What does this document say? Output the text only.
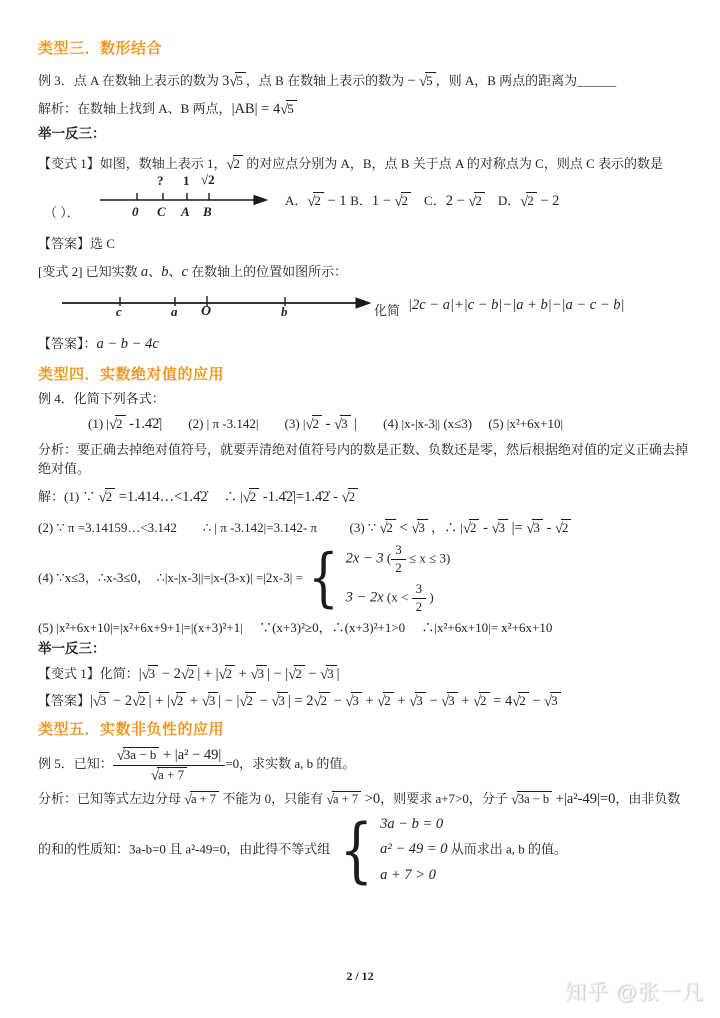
类型三．数形结合
例 3．点 A 在数轴上表示的数为 3√5 ，点 B 在数轴上表示的数为 − √5 ，则 A，B 两点的距离为______
解析：在数轴上找到 A、B 两点，|AB| = 4√5
举一反三：
【变式 1】如图，数轴上表示 1，√2 的对应点分别为 A，B，点 B 关于点 A 的对称点为 C，则点 C 表示的数是
（ ）．
? 1 √2
0 C A B
A．√2 − 1 B．1 − √2　C．2 − √2　D．√2 − 2
【答案】选 C
[变式 2] 已知实数 a、b、c 在数轴上的位置如图所示：
c	a O	b	化简 |2c − a|+|c − b|−|a + b|−|a − c − b|
【答案】：a − b − 4c
类型四．实数绝对值的应用
例 4．化简下列各式：
(1) |√2 -1.4̇2̇|　　(2) | π -3.142|　　(3) |√2 - √3 |　　(4) |x-|x-3|| (x≤3)　 (5) |x²+6x+10|
分析：要正确去掉绝对值符号，就要弄清绝对值符号内的数是正数、负数还是零，然后根据绝对值的定义正确去掉
绝对值。
解：(1) ∵ √2 =1.414…<1.4̇2̇　 ∴ |√2 -1.4̇2̇|=1.4̇2̇ - √2
(2) ∵ π =3.14159…<3.142　　∴ | π -3.142|=3.142- π 　　 (3) ∵ √2 < √3 ，∴ |√2 - √3 |= √3 - √2
(4) ∵x≤3，∴x-3≤0，　∴|x-|x-3||=|x-(3-x)| =|2x-3| = { 2x − 3 ( $\frac{3}{2} \le x \le 3$)
3 − 2x ($x < \frac{3}{2}$ )
(5) |x²+6x+10|=|x²+6x+9+1|=|(x+3)²+1| 　∵(x+3)²≥0，∴(x+3)²+1>0 　∴|x²+6x+10|= x²+6x+10
举一反三：
【变式 1】化简：|√3 − 2√2 | + |√2 + √3 | − |√2 − √3 |
【答案】|√3 − 2√2 | + |√2 + √3 | − |√2 − √3 | = 2√2 − √3 + √2 + √3 − √3 + √2 = 4√2 − √3
类型五．实数非负性的应用
例 5．已知： $\frac{\text{√3a − b + |a² − 49|}}{√a + 7} =0$，求实数 a, b 的值。
分析：已知等式左边分母 √a + 7 不能为 0，只能有 √a + 7 >0，则要求 a+7>0，分子 √3a − b +|a²-49|=0，由非负数
的和的性质知：3a-b=0 且 a²-49=0，由此得不等式组 { 3a − b = 0
a² − 49 = 0
a + 7 > 0
从而求出 a, b 的值。
2 / 12
知乎 @张一凡
